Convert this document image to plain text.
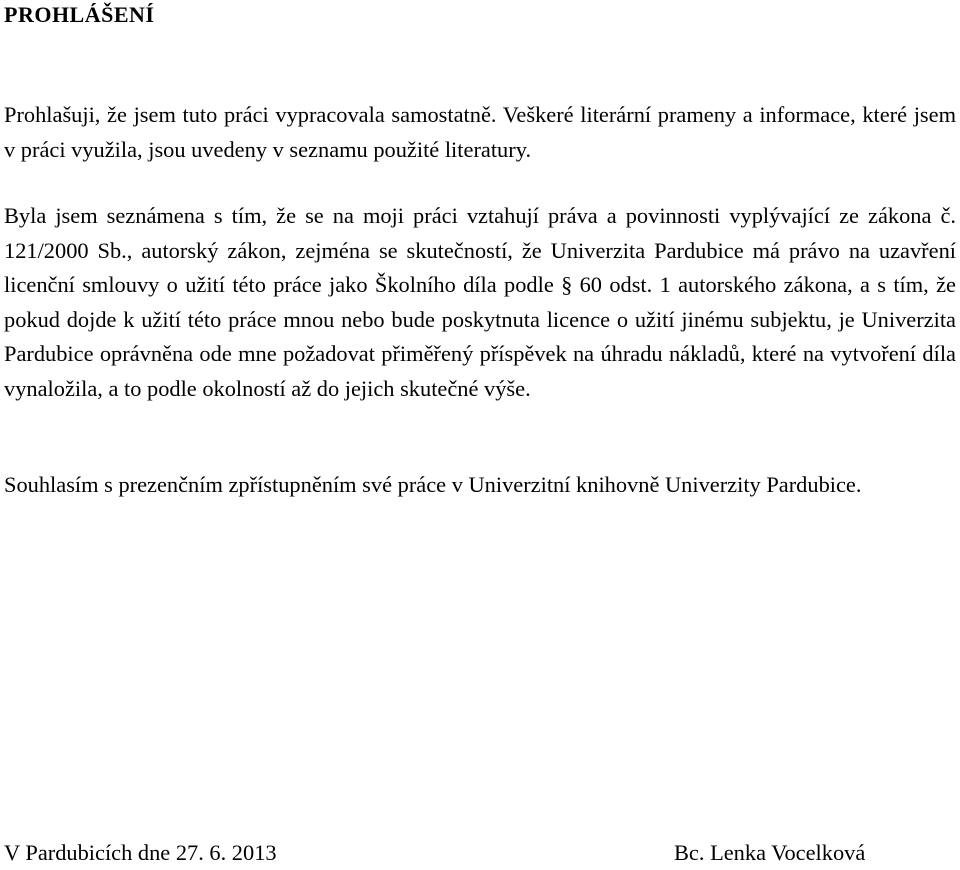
PROHLÁŠENÍ

Prohlašuji, že jsem tuto práci vypracovala samostatně. Veškeré literární prameny a informace, které jsem v práci využila, jsou uvedeny v seznamu použité literatury.

Byla jsem seznámena s tím, že se na moji práci vztahují práva a povinnosti vyplývající ze zákona č. 121/2000 Sb., autorský zákon, zejména se skutečností, že Univerzita Pardubice má právo na uzavření licenční smlouvy o užití této práce jako Školního díla podle § 60 odst. 1 autorského zákona, a s tím, že pokud dojde k užití této práce mnou nebo bude poskytnuta licence o užití jinému subjektu, je Univerzita Pardubice oprávněna ode mne požadovat přiměřený příspěvek na úhradu nákladů, které na vytvoření díla vynaložila, a to podle okolností až do jejich skutečné výše.

Souhlasím s prezenčním zpřístupněním své práce v Univerzitní knihovně Univerzity Pardubice.

V Pardubicích dne 27. 6. 2013	Bc. Lenka Vocelková
